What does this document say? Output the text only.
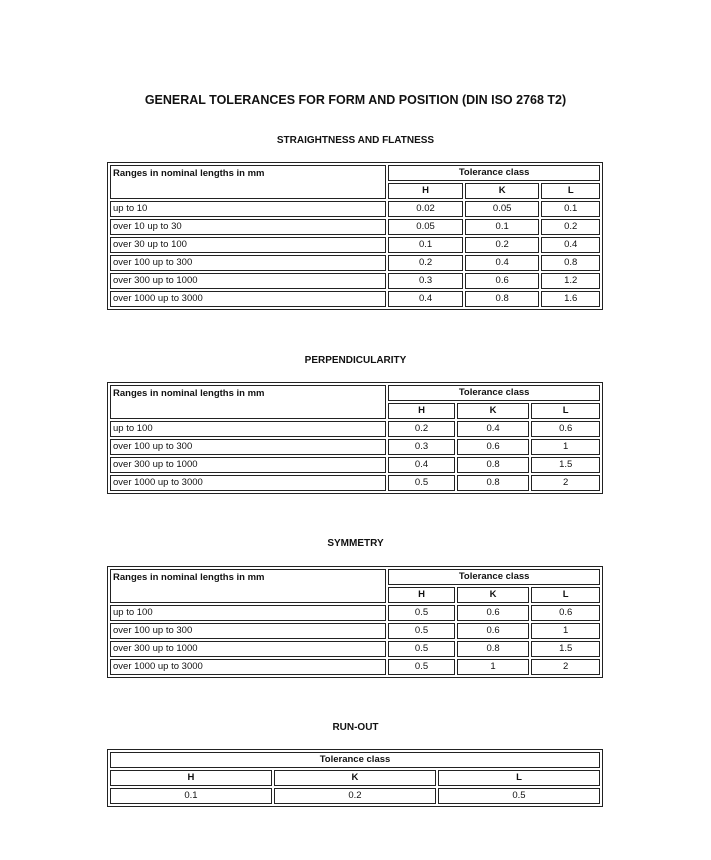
GENERAL TOLERANCES FOR FORM AND POSITION (DIN ISO 2768 T2)
STRAIGHTNESS AND FLATNESS
Ranges in nominal lengths in mm	Tolerance class		
	H	K	L
up to 10	0.02	0.05	0.1
over 10 up to 30	0.05	0.1	0.2
over 30 up to 100	0.1	0.2	0.4
over 100 up to 300	0.2	0.4	0.8
over 300 up to 1000	0.3	0.6	1.2
over 1000 up to 3000	0.4	0.8	1.6
PERPENDICULARITY
Ranges in nominal lengths in mm	Tolerance class		
	H	K	L
up to 100	0.2	0.4	0.6
over 100 up to 300	0.3	0.6	1
over 300 up to 1000	0.4	0.8	1.5
over 1000 up to 3000	0.5	0.8	2
SYMMETRY
Ranges in nominal lengths in mm	Tolerance class		
	H	K	L
up to 100	0.5	0.6	0.6
over 100 up to 300	0.5	0.6	1
over 300 up to 1000	0.5	0.8	1.5
over 1000 up to 3000	0.5	1	2
RUN-OUT
Tolerance class		
H	K	L
0.1	0.2	0.5
